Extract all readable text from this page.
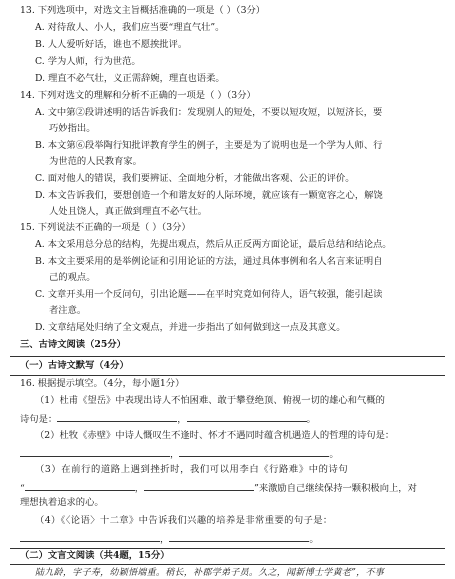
13. 下列选项中，对选文主旨概括准确的一项是（ ）（3分）
A. 对待敌人、小人，我们应当要“理直气壮”。
B. 人人爱听好话，谁也不愿挨批评。
C. 学为人师，行为世范。
D. 理直不必气壮，义正需辞婉，理直也语柔。
14. 下列对选文的理解和分析不正确的一项是（ ）（3分）
A. 文中第②段讲述明的话告诉我们：发现别人的短处，不要以短攻短，以短济长，要
巧妙指出。
B. 本文第⑥段举陶行知批评教育学生的例子，主要是为了说明也是一个学为人师、行
为世范的人民教育家。
C. 面对他人的错误，我们要辨证、全面地分析，才能做出客观、公正的评价。
D. 本文告诉我们，要想创造一个和谐友好的人际环境，就应该有一颗宽容之心，解饶
人处且饶人，真正做到理直不必气壮。
15. 下列说法不正确的一项是（ ）（3分）
A. 本文采用总分总的结构，先提出观点，然后从正反两方面论证，最后总结和结论点。
B. 本文主要采用的是举例论证和引用论证的方法，通过具体事例和名人名言来证明自
己的观点。
C. 文章开头用一个反问句，引出论题——在平时究竟如何待人，语气较强，能引起读
者注意。
D. 文章结尾处归纳了全文观点，并进一步指出了如何做到这一点及其意义。
三、古诗文阅读（25分）
（一）古诗文默写（4分）
16. 根据提示填空。（4分，每小题1分）
（1）杜甫《望岳》中表现出诗人不怕困难、敢于攀登绝顶、俯视一切的雄心和气概的
诗句是：	，	。
（2）杜牧《赤壁》中诗人慨叹生不逢时、怀才不遇同时蕴含机遇造人的哲理的诗句是：
，	。
（3）在前行的道路上遇到挫折时，我们可以用李白《行路难》中的诗句
“	，	”来激励自己继续保持一颗积极向上，对
理想执着追求的心。
（4）《〈论语〉十二章》中告诉我们兴趣的培养是非常重要的句子是：
，	。
（二）文言文阅读（共4题，15分）
陆九龄，字子寿，幼颖悟端重。稍长，补郡学弟子员。久之，闻新博士学黄老”，不事
